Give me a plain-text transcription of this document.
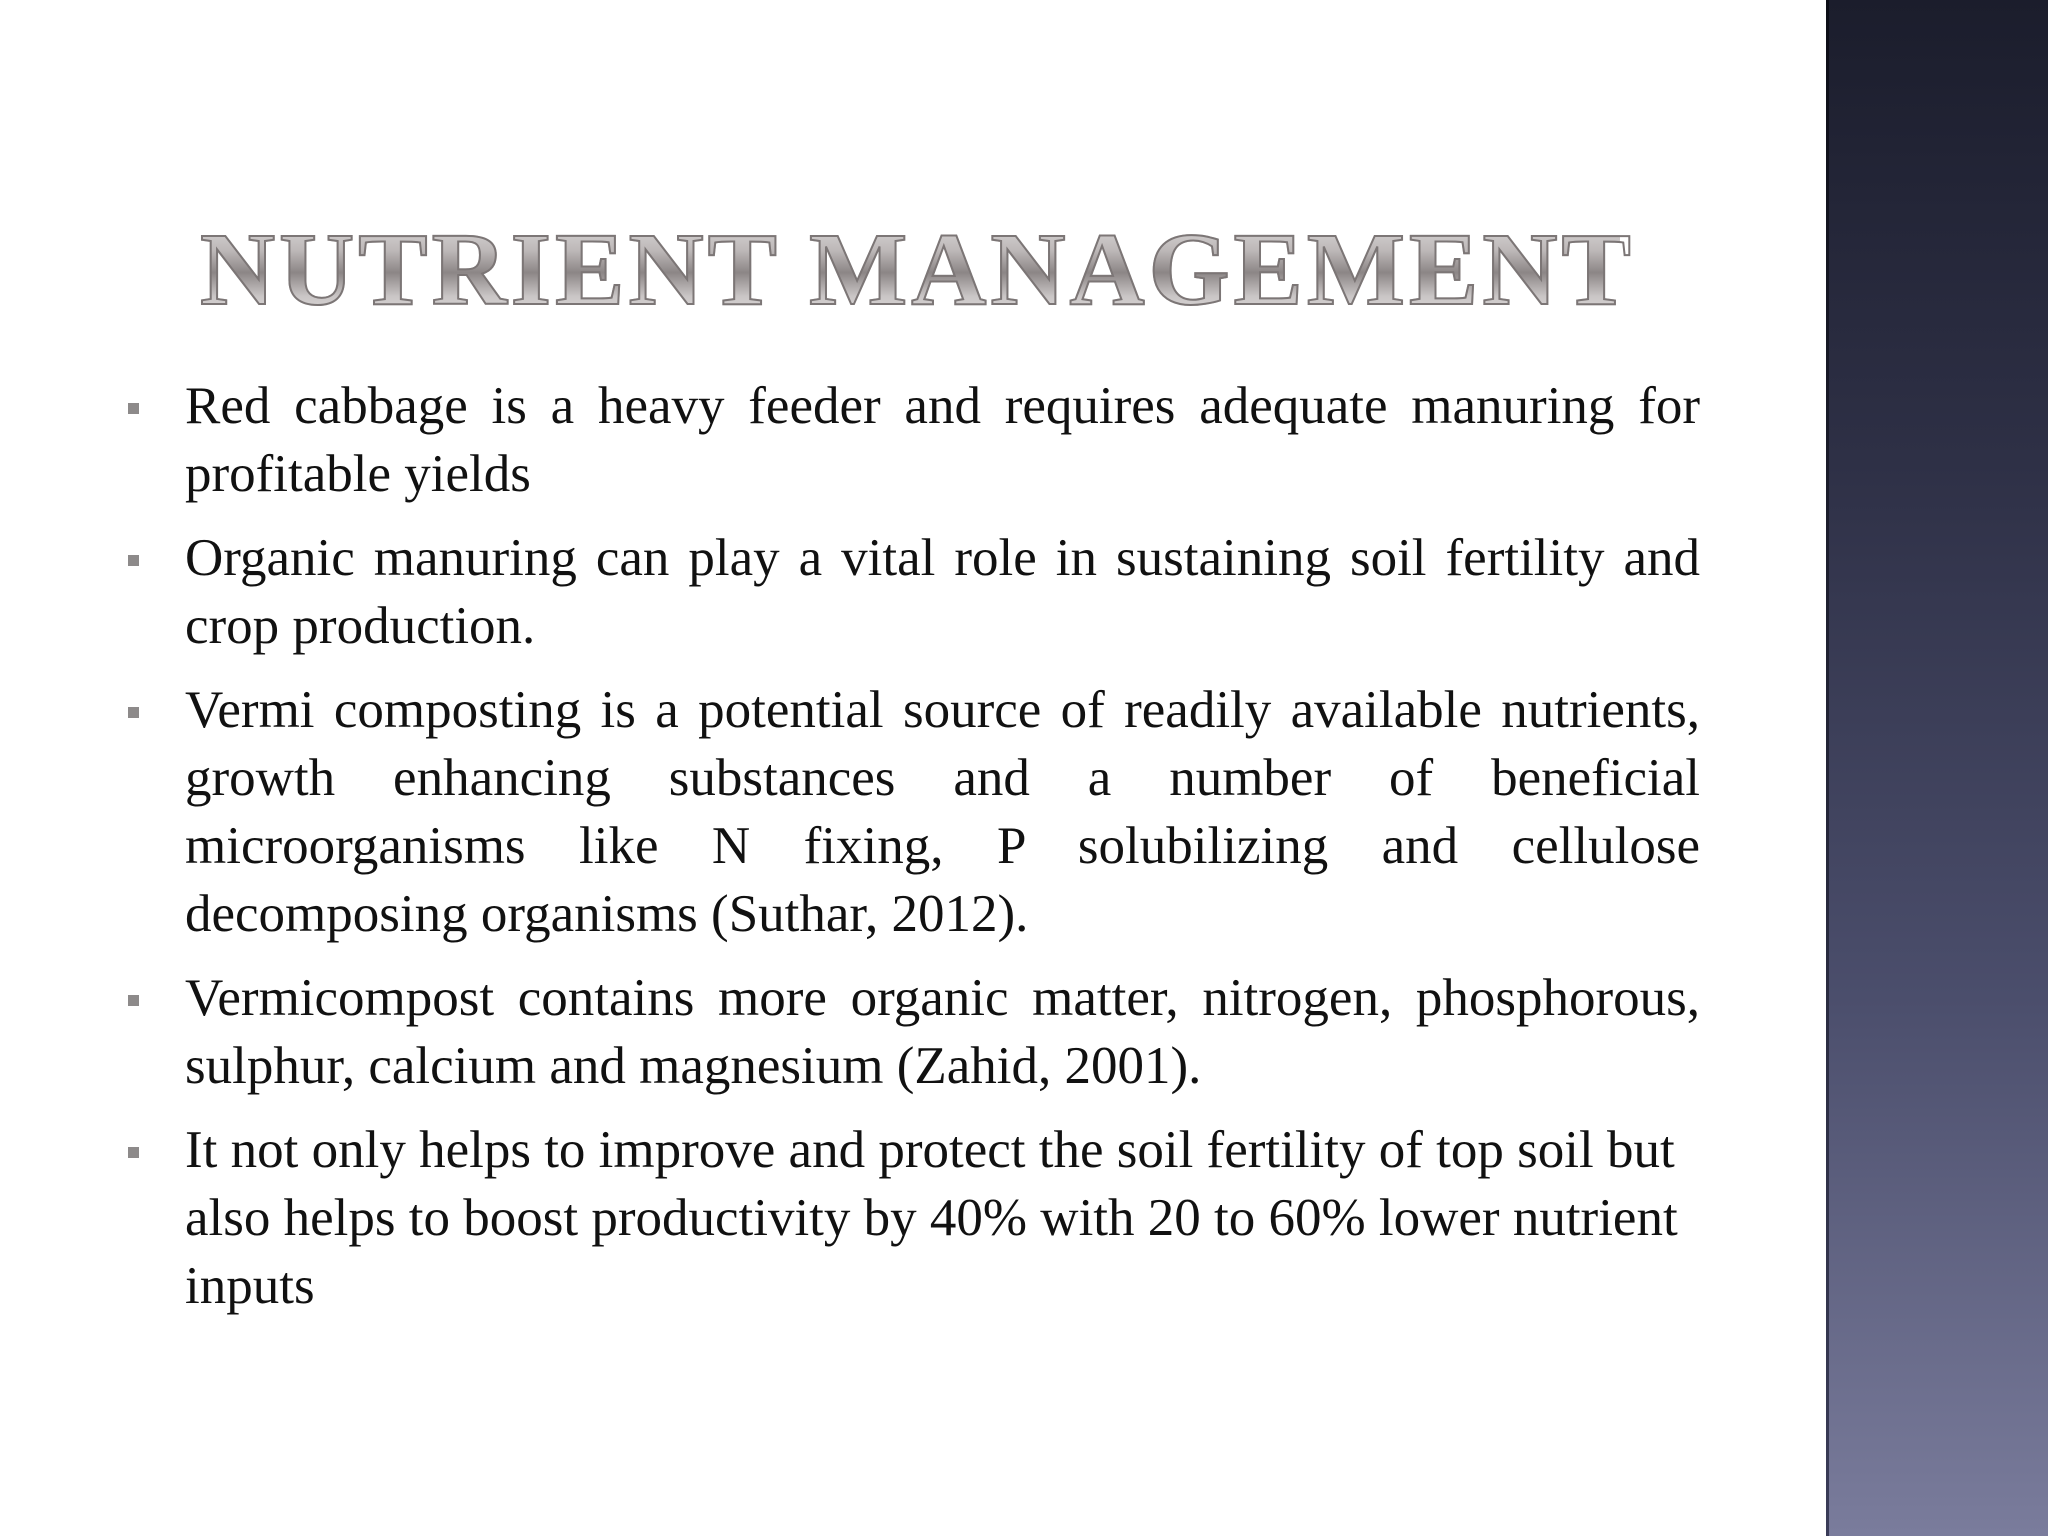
NUTRIENT MANAGEMENT
Red cabbage is a heavy feeder and requires adequate manuring for profitable yields
Organic manuring can play a vital role in sustaining soil fertility and crop production.
Vermi composting is a potential source of readily available nutrients, growth enhancing substances and a number of beneficial microorganisms like N fixing, P solubilizing and cellulose decomposing organisms (Suthar, 2012).
Vermicompost contains more organic matter, nitrogen, phosphorous, sulphur, calcium and magnesium (Zahid, 2001).
It not only helps to improve and protect the soil fertility of top soil but also helps to boost productivity by 40% with 20 to 60% lower nutrient inputs
